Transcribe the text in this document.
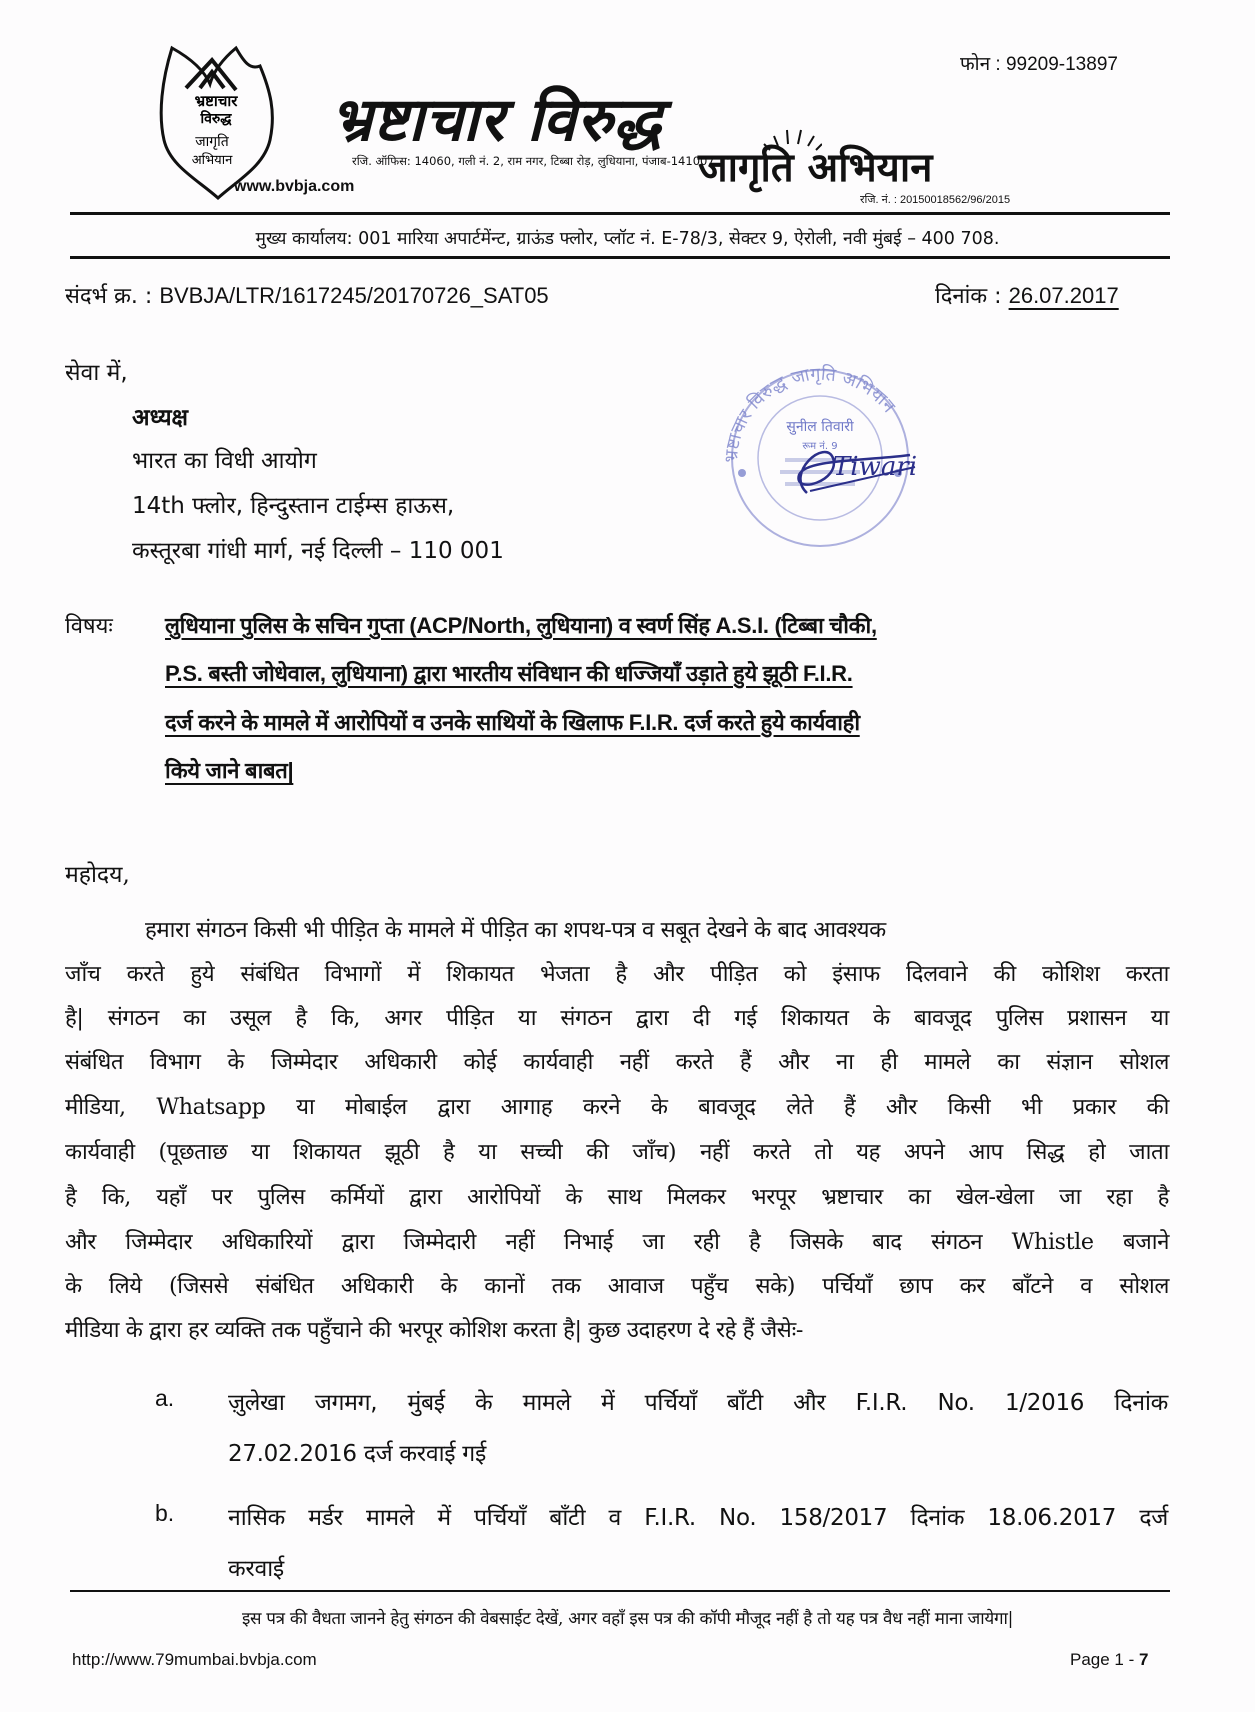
फोन : 99209-13897
भ्रष्टाचार
विरुद्ध
जागृति
अभियान
भ्रष्टाचार विरुद्ध
जागृति अभियान
रजि. ऑफिस: 14060, गली नं. 2, राम नगर, टिब्बा रोड़, लुधियाना, पंजाब-141007
रजि. नं. : 20150018562/96/2015
www.bvbja.com
मुख्य कार्यालय: 001 मारिया अपार्टमेंन्ट, ग्राऊंड फ्लोर, प्लॉट नं. E-78/3, सेक्टर 9, ऐरोली, नवी मुंबई – 400 708.
संदर्भ क्र. : BVBJA/LTR/1617245/20170726_SAT05	दिनांक : 26.07.2017
सेवा में,
अध्यक्ष
भारत का विधी आयोग
14th फ्लोर, हिन्दुस्तान टाईम्स हाऊस,
कस्तूरबा गांधी मार्ग, नई दिल्ली – 110 001
भ्रष्टाचार विरुद्ध जागृति अभियान
सुनील तिवारी
रूम नं. 9
Tiwari
विषयः लुधियाना पुलिस के सचिन गुप्ता (ACP/North, लुधियाना) व स्वर्ण सिंह A.S.I. (टिब्बा चौकी,
P.S. बस्ती जोधेवाल, लुधियाना) द्वारा भारतीय संविधान की धज्जियाँ उड़ाते हुये झूठी F.I.R.
दर्ज करने के मामले में आरोपियों व उनके साथियों के खिलाफ F.I.R. दर्ज करते हुये कार्यवाही
किये जाने बाबत|
महोदय,
हमारा संगठन किसी भी पीड़ित के मामले में पीड़ित का शपथ-पत्र व सबूत देखने के बाद आवश्यक
जाँच करते हुये संबंधित विभागों में शिकायत भेजता है और पीड़ित को इंसाफ दिलवाने की कोशिश करता
है| संगठन का उसूल है कि, अगर पीड़ित या संगठन द्वारा दी गई शिकायत के बावजूद पुलिस प्रशासन या
संबंधित विभाग के जिम्मेदार अधिकारी कोई कार्यवाही नहीं करते हैं और ना ही मामले का संज्ञान सोशल
मीडिया, Whatsapp या मोबाईल द्वारा आगाह करने के बावजूद लेते हैं और किसी भी प्रकार की
कार्यवाही (पूछताछ या शिकायत झूठी है या सच्ची की जाँच) नहीं करते तो यह अपने आप सिद्ध हो जाता
है कि, यहाँ पर पुलिस कर्मियों द्वारा आरोपियों के साथ मिलकर भरपूर भ्रष्टाचार का खेल-खेला जा रहा है
और जिम्मेदार अधिकारियों द्वारा जिम्मेदारी नहीं निभाई जा रही है जिसके बाद संगठन Whistle बजाने
के लिये (जिससे संबंधित अधिकारी के कानों तक आवाज पहुँच सके) पर्चियाँ छाप कर बाँटने व सोशल
मीडिया के द्वारा हर व्यक्ति तक पहुँचाने की भरपूर कोशिश करता है| कुछ उदाहरण दे रहे हैं जैसेः-
a. ज़ुलेखा जगमग, मुंबई के मामले में पर्चियाँ बाँटी और F.I.R. No. 1/2016 दिनांक
27.02.2016 दर्ज करवाई गई
b. नासिक मर्डर मामले में पर्चियाँ बाँटी व F.I.R. No. 158/2017 दिनांक 18.06.2017 दर्ज
करवाई
इस पत्र की वैधता जानने हेतु संगठन की वेबसाईट देखें, अगर वहाँ इस पत्र की कॉपी मौजूद नहीं है तो यह पत्र वैध नहीं माना जायेगा|
http://www.79mumbai.bvbja.com	Page 1 - 7
